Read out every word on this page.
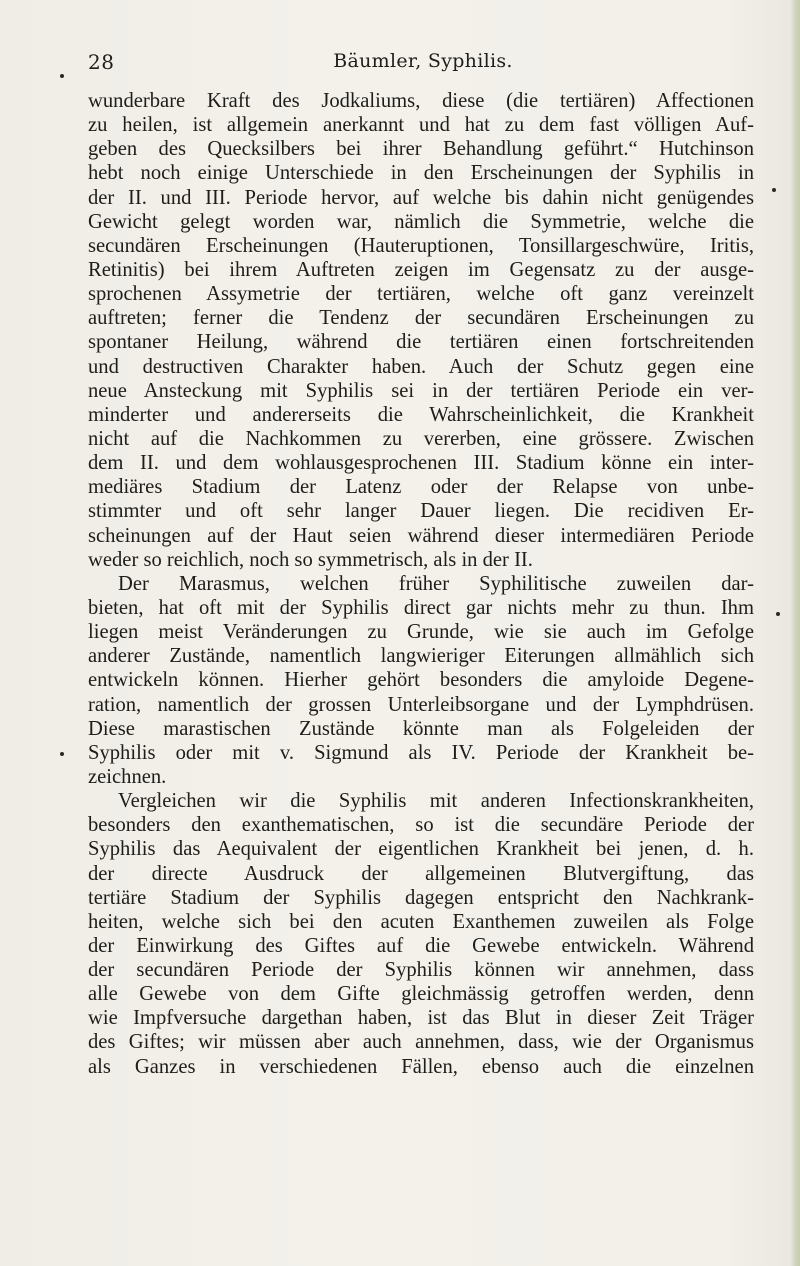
28	Bäumler, Syphilis.
wunderbare Kraft des Jodkaliums, diese (die tertiären) Affectionen
zu heilen, ist allgemein anerkannt und hat zu dem fast völligen Auf-
geben des Quecksilbers bei ihrer Behandlung geführt.“ Hutchinson
hebt noch einige Unterschiede in den Erscheinungen der Syphilis in
der II. und III. Periode hervor, auf welche bis dahin nicht genügendes
Gewicht gelegt worden war, nämlich die Symmetrie, welche die
secundären Erscheinungen (Hauteruptionen, Tonsillargeschwüre, Iritis,
Retinitis) bei ihrem Auftreten zeigen im Gegensatz zu der ausge-
sprochenen Assymetrie der tertiären, welche oft ganz vereinzelt
auftreten; ferner die Tendenz der secundären Erscheinungen zu
spontaner Heilung, während die tertiären einen fortschreitenden
und destructiven Charakter haben. Auch der Schutz gegen eine
neue Ansteckung mit Syphilis sei in der tertiären Periode ein ver-
minderter und andererseits die Wahrscheinlichkeit, die Krankheit
nicht auf die Nachkommen zu vererben, eine grössere. Zwischen
dem II. und dem wohlausgesprochenen III. Stadium könne ein inter-
mediäres Stadium der Latenz oder der Relapse von unbe-
stimmter und oft sehr langer Dauer liegen. Die recidiven Er-
scheinungen auf der Haut seien während dieser intermediären Periode
weder so reichlich, noch so symmetrisch, als in der II.
Der Marasmus, welchen früher Syphilitische zuweilen dar-
bieten, hat oft mit der Syphilis direct gar nichts mehr zu thun. Ihm
liegen meist Veränderungen zu Grunde, wie sie auch im Gefolge
anderer Zustände, namentlich langwieriger Eiterungen allmählich sich
entwickeln können. Hierher gehört besonders die amyloide Degene-
ration, namentlich der grossen Unterleibsorgane und der Lymphdrüsen.
Diese marastischen Zustände könnte man als Folgeleiden der
Syphilis oder mit v. Sigmund als IV. Periode der Krankheit be-
zeichnen.
Vergleichen wir die Syphilis mit anderen Infectionskrankheiten,
besonders den exanthematischen, so ist die secundäre Periode der
Syphilis das Aequivalent der eigentlichen Krankheit bei jenen, d. h.
der directe Ausdruck der allgemeinen Blutvergiftung, das
tertiäre Stadium der Syphilis dagegen entspricht den Nachkrank-
heiten, welche sich bei den acuten Exanthemen zuweilen als Folge
der Einwirkung des Giftes auf die Gewebe entwickeln. Während
der secundären Periode der Syphilis können wir annehmen, dass
alle Gewebe von dem Gifte gleichmässig getroffen werden, denn
wie Impfversuche dargethan haben, ist das Blut in dieser Zeit Träger
des Giftes; wir müssen aber auch annehmen, dass, wie der Organismus
als Ganzes in verschiedenen Fällen, ebenso auch die einzelnen
